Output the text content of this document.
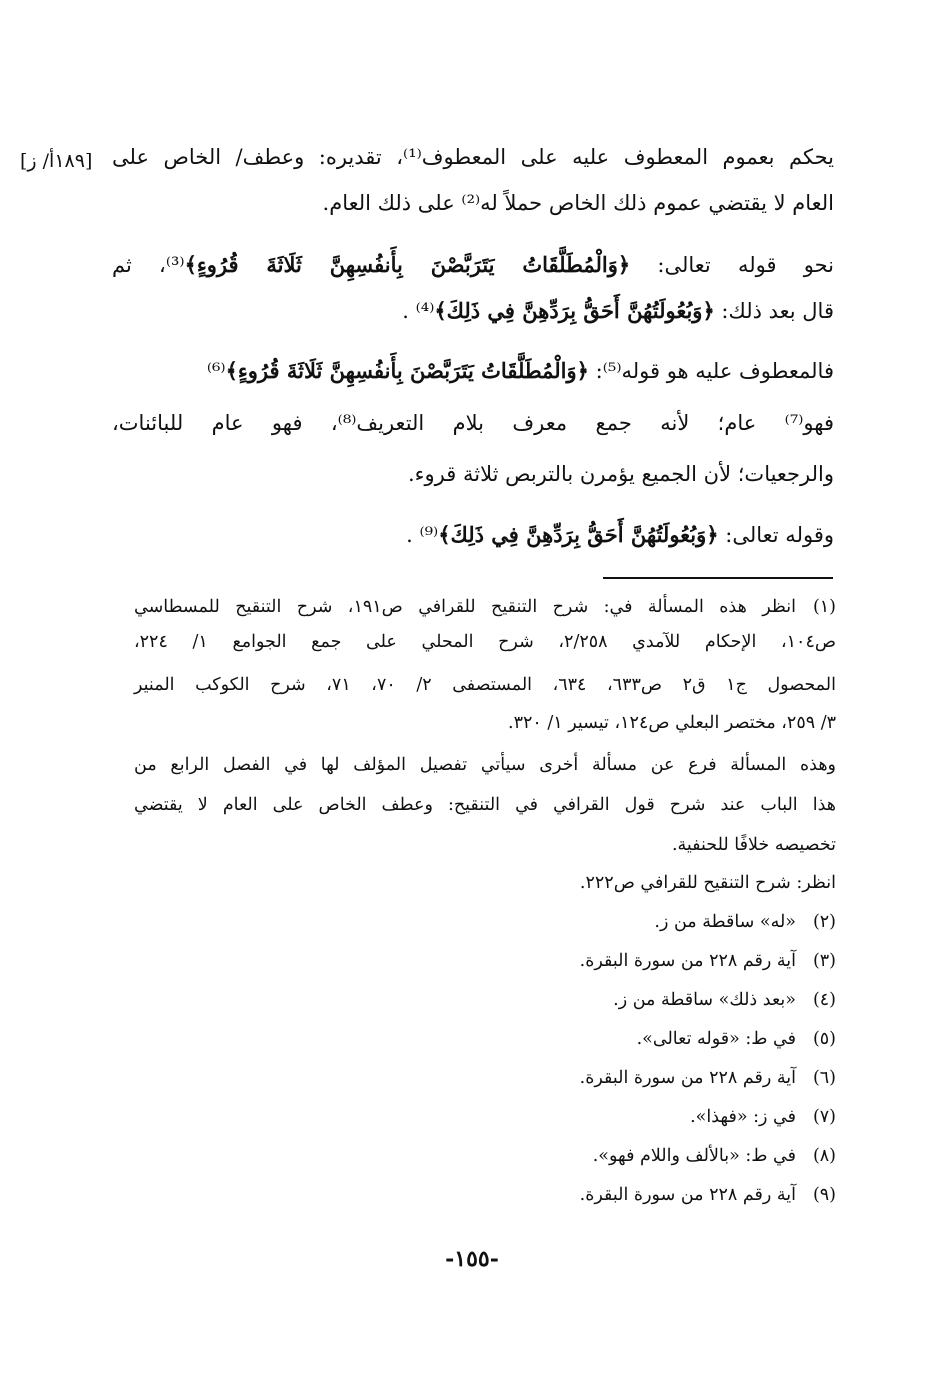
[١٨٩أ/ ز] يحكم بعموم المعطوف عليه على المعطوف⁽¹⁾، تقديره: وعطف/ الخاص على
العام لا يقتضي عموم ذلك الخاص حملاً له⁽²⁾ على ذلك العام.
نحو قوله تعالى: ﴿وَالْمُطَلَّقَاتُ يَتَرَبَّصْنَ بِأَنفُسِهِنَّ ثَلَاثَةَ قُرُوءٍ﴾⁽³⁾، ثم
قال بعد ذلك: ﴿وَبُعُولَتُهُنَّ أَحَقُّ بِرَدِّهِنَّ فِي ذَلِكَ﴾⁽⁴⁾ .
فالمعطوف عليه هو قوله⁽⁵⁾: ﴿وَالْمُطَلَّقَاتُ يَتَرَبَّصْنَ بِأَنفُسِهِنَّ ثَلَاثَةَ قُرُوءٍ﴾⁽⁶⁾
فهو⁽⁷⁾ عام؛ لأنه جمع معرف بلام التعريف⁽⁸⁾، فهو عام للبائنات،
والرجعيات؛ لأن الجميع يؤمرن بالتربص ثلاثة قروء.
وقوله تعالى: ﴿وَبُعُولَتُهُنَّ أَحَقُّ بِرَدِّهِنَّ فِي ذَلِكَ﴾⁽⁹⁾ .
(١)
انظر هذه المسألة في: شرح التنقيح للقرافي ص١٩١، شرح التنقيح للمسطاسي
ص١٠٤، الإحكام للآمدي ٢/٢٥٨، شرح المحلي على جمع الجوامع ١/ ٢٢٤،
المحصول ج١ ق٢ ص٦٣٣، ٦٣٤، المستصفى ٢/ ٧٠، ٧١، شرح الكوكب المنير
٣/ ٢٥٩، مختصر البعلي ص١٢٤، تيسير ١/ ٣٢٠.
وهذه المسألة فرع عن مسألة أخرى سيأتي تفصيل المؤلف لها في الفصل الرابع من
هذا الباب عند شرح قول القرافي في التنقيح: وعطف الخاص على العام لا يقتضي
تخصيصه خلافًا للحنفية.
انظر: شرح التنقيح للقرافي ص٢٢٢.
(٢)
«له» ساقطة من ز.
(٣)
آية رقم ٢٢٨ من سورة البقرة.
(٤)
«بعد ذلك» ساقطة من ز.
(٥)
في ط: «قوله تعالى».
(٦)
آية رقم ٢٢٨ من سورة البقرة.
(٧)
في ز: «فهذا».
(٨)
في ط: «بالألف واللام فهو».
(٩)
آية رقم ٢٢٨ من سورة البقرة.
-١٥٥-
